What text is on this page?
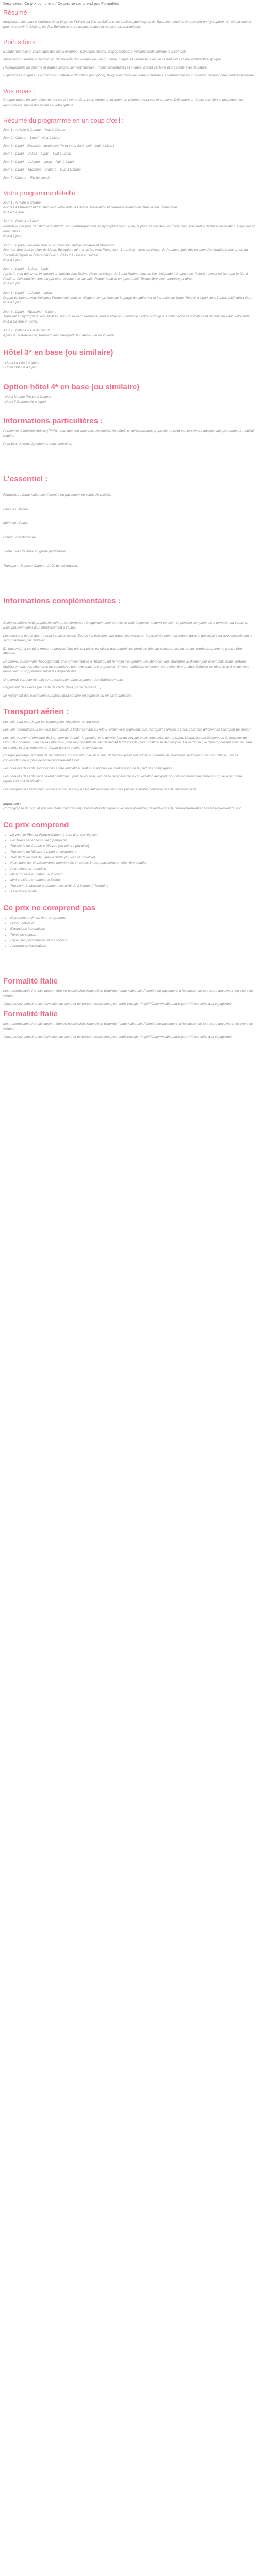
Description: Ce prix comprend / Ce prix ne comprend pas Formalités

Résumé

Imaginez… les eaux cristallines de la plage de Pollara sur l'île de Salina et les ruelles pittoresques de Taormine, ainsi qu'un transfert en hydroptère. Un circuit privatif pour découvrir la Sicile et les îles Éoliennes entre nature, culture et panoramas volcaniques.

Points forts :

Beauté naturelle et volcanique des îles Éoliennes : paysages marins, plages isolées et volcans actifs comme le Stromboli.

Immersion culturelle et historique : découverte des villages de Lipari, Salina, Lingua et Taormine, avec leurs traditions et leur architecture typique.

Hébergements de charme et étapes soigneusement choisies : hôtels confortables et intimes, offrant sérénité et proximité avec la nature.

Expériences uniques : excursions en bateau à Stromboli (en option), baignades dans des eaux cristallines, et temps libre pour savourer l'atmosphère méditerranéenne.

Vos repas :

Chaque matin, un petit-déjeuner est servi à votre hôtel, vous offrant un moment de détente avant vos excursions. Déjeuners et dîners sont libres, permettant de découvrir les spécialités locales à votre rythme.

Résumé du programme en un coup d'œil :

Jour 1 : Arrivée à Catane – Nuit à Catane

Jour 2 : Catane – Lipari – Nuit à Lipari

Jour 3 : Lipari – Excursion facultative Panarea et Stromboli – Nuit à Lipari

Jour 4 : Lipari – Salina – Lipari – Nuit à Lipari

Jour 5 : Lipari – Vulcano – Lipari – Nuit à Lipari

Jour 6 : Lipari – Taormine – Catane – Nuit à Catane

Jour 7 : Catane – Fin du circuit

Votre programme détaillé :

Jour 1 : Arrivée à Catane

Accueil à l'aéroport et transfert vers votre hôtel à Catane. Installation et première immersion dans la ville. Dîner libre.

Nuit à Catane.

Jour 2 : Catane – Lipari

Petit-déjeuner puis transfert vers Milazzo pour embarquement en hydroptère vers Lipari, la plus grande des îles Éoliennes. Transfert à l'hôtel et installation. Déjeuner et dîner libres.

Nuit à Lipari.

Jour 3 : Lipari – Journée libre / Excursion facultative Panarea et Stromboli

Journée libre pour profiter de Lipari. En option, mini-croisière vers Panarea et Stromboli : visite du village de Panarea, puis observation des éruptions nocturnes du Stromboli depuis la Sciara del Fuoco. Retour à Lipari en soirée.

Nuit à Lipari.

Jour 4 : Lipari – Salina – Lipari

Après le petit-déjeuner, excursion en bateau vers Salina. Halte au village de Santa Marina, tour de l'île, baignade à la plage de Pollara, rendez-célèbre par le film Il Postino. Continuation vers Lingua pour découvrir le lac salé. Retour à Lipari en après-midi. Temps libre pour shopping et dîner.

Nuit à Lipari.

Jour 5 : Lipari – Vulcano – Lipari

Départ en bateau vers Vulcano. Promenade dans le village et temps libre sur la plage de sable noir et les bains de boue. Retour à Lipari dans l'après-midi, dîner libre.

Nuit à Lipari.

Jour 6 : Lipari – Taormine – Catane

Transfert en hydroptère vers Milazzo, puis route vers Taormine. Temps libre pour visiter le centre historique. Continuation vers Catane et installation dans votre hôtel.

Nuit à Catane en hôtel.

Jour 7 : Catane – Fin du circuit

Après le petit-déjeuner, transfert vers l'aéroport de Catane. Fin du voyage.

Hôtel 3* en base (ou similaire)

- Hotel La villa à Catane

- Hotel Oriente à Lipari

Option hôtel 4* en base (ou similaire)

- Hotel Katane Palace à Catane

- Hotel Il Gattopardo à Lipari

Informations particulières :

Personnes à mobilité réduite (PMR) : seul mention dans nos descriptifs, les hôtels et infrastructures proposés ne sont pas forcément adaptés aux personnes à mobilité réduite.

Pour plus de renseignements, nous consulter.

L'essentiel :

Formalités : Carte nationale d'identité ou passeport en cours de validité.

Langues : italien.

Monnaie : l'euro.

Climat : méditerranée.

Santé : Pas de mise en garde particulière.

Transport : France / Catane : 2h00 de vol environ.

Informations complémentaires :

Selon les hôtels nous proposons différentes formules : le logement seul ou avec le petit-déjeuner, la demi-pension, la pension complète ou la formule tout compris. Elles peuvent varier d'un établissement à l'autre.

Les boissons du minibar ne sont jamais incluses. Toutes les boissons aux repas, les extras ou les activités non mentionnés dans le descriptif sont avec supplément et seront facturés par l'hôtelier.

En novembre à certains repas ne peuvent être pris sur place en raison des contraintes horaires liées au transport aérien, aucun remboursement ne pourra être effectué.

De même, concernant l'hébergement, une arrivée tardive à l'hôtel ou tôt le matin n'engendre une libération des chambres le dernier jour avant midi. Dans certains établissements des chambres de courtoisies pourront vous être proposées. Si vous souhaitez conserver votre chambre en abo, l'hôtelier se réserve le droit de vous demander un supplément selon les disponibilités.

Une tenue correcte est exigée au restaurant dans la plupart des établissements.

Règlement des extras par carte de crédit (Visa, carte bancaire…)

Le règlement des excursions sur place peut se faire en espèces ou en carte bancaire.

Transport aérien :

Les vols sont opérés par les compagnies régulières ou low cost.

Les vols internationaux peuvent faire escale à l'aller comme au retour. Nous vous signalons que l'aéroport d'arrivée à Paris peut être différent de l'aéroport de départ.

Les vols peuvent s'effectuer de jour comme de nuit, le premier et le dernier jour du voyage étant consacrés au transport. L'organisateur réservé par la machine du choix des horaires, il ne saurait être tenu pour responsable en cas de départ tardif lors de retour matinal le dernier jour. En particulier, le départ pouvant avoir lieu tard en soirée, la date effective de départ peut être celle du lendemain.

Chaque passager est tenu de reconfirmer son vol retour au plus tard 72 heures avant son retour au numéro de téléphone se trouvant sur son billet ou sur sa convocation ou auprès de notre représentant local.

Les horaires des vols sont donnés à titre indicatif et sont susceptibles de modification de la part des compagnies.

Les horaires des vols vous seront confirmés : pour le vol aller, lors de la réception de la convocation aéroport, pour le vol retour directement sur place par notre représentant à destination.

Les compagnies aériennes utilisées ont toutes reçues les autorisations requises par les autorités compétentes de l'aviation civile.

Important :

L'orthographe du nom et prénom (sans trait d'union) doivent être identiques à la pièce d'identité présentée lors de l'enregistrement et à l'embarquement du vol.

Ce prix comprend
• Le vol Aller/Retour France/Catane à bord d'un vol régulier,
• Les taxes aériennes et aéroportuaires
• Transferts de Catane à Milazzo (en voiture privative)
• Transferts de Milazzo à Lipari en hydroptère
• Transferts du port de Lipari à l'hôtel (en voiture privative)
• Nuits dans les établissements mentionnés en hôtels 3* ou équivalents en chambre double
• Petit-déjeuner quotidien
• Mini-croisière en bateau à Vulcano
• Mini-croisière en bateau à Salina
• Transfert de Milazzo à Catane avec arrêt de 2 heures à Taormine
• Assistance locale
Ce prix ne comprend pas
• Déjeuners et dîners hors programme
• Option hôtels 4*
• Excursions facultatives
• Taxes de séjours
• Dépenses personnelles et pourboires
• Assurances facultatives
Formalité Italie

Les ressortissants français doivent être en possession d'une pièce d'identité (carte nationale d'identité ou passeport, à l'exclusion de tout autre document) en cours de validité.

Vous pouvez consulter les formalités de santé et de police nécessaires pour votre voyage : http//XXX.www.diplomatie.gouv.fr/fr/conseils-aux-voyageurs/

Formalité Italie

Les ressortissants français doivent être en possession d'une pièce d'identité (carte nationale d'identité ou passeport, à l'exclusion de tout autre document) en cours de validité.

Vous pouvez consulter les formalités de santé et de police nécessaires pour votre voyage : http//XXX.www.diplomatie.gouv.fr/fr/conseils-aux-voyageurs/
